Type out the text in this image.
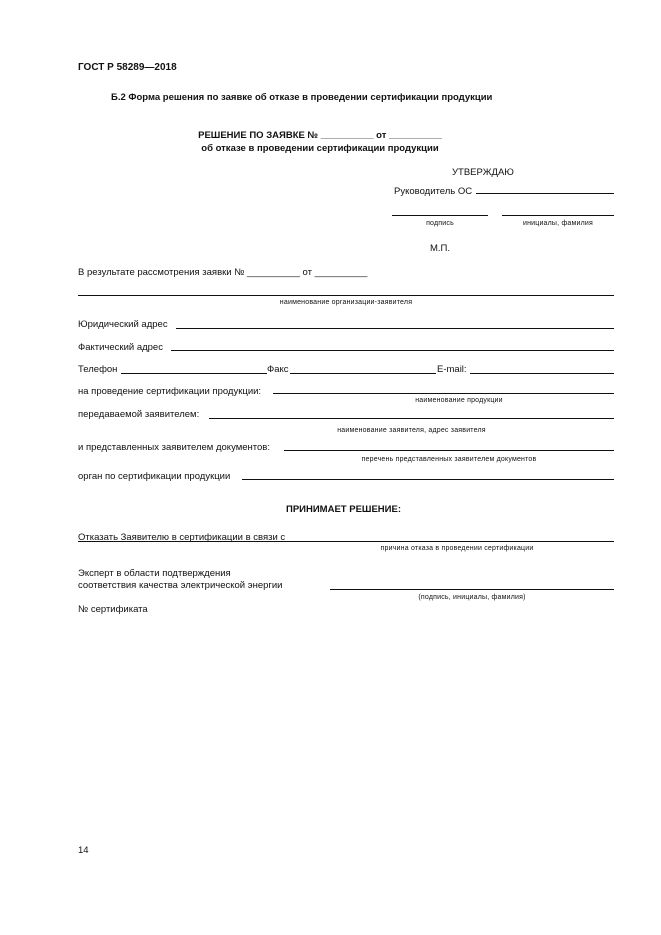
ГОСТ Р 58289—2018
Б.2 Форма решения по заявке об отказе в проведении сертификации продукции
РЕШЕНИЕ ПО ЗАЯВКЕ № __________ от __________
об отказе в проведении сертификации продукции
УТВЕРЖДАЮ
Руководитель ОС
подпись	инициалы, фамилия
М.П.
В результате рассмотрения заявки № __________ от __________
наименование организации-заявителя
Юридический адрес
Фактический адрес
Телефон	Факс	E-mail:
на проведение сертификации продукции:
наименование продукции
передаваемой заявителем:
наименование заявителя, адрес заявителя
и представленных заявителем документов:
перечень представленных заявителем документов
орган по сертификации продукции
ПРИНИМАЕТ РЕШЕНИЕ:
Отказать Заявителю в сертификации в связи с
причина отказа в проведении сертификации
Эксперт в области подтверждения
соответствия качества электрической энергии
(подпись, инициалы, фамилия)
№ сертификата
14
